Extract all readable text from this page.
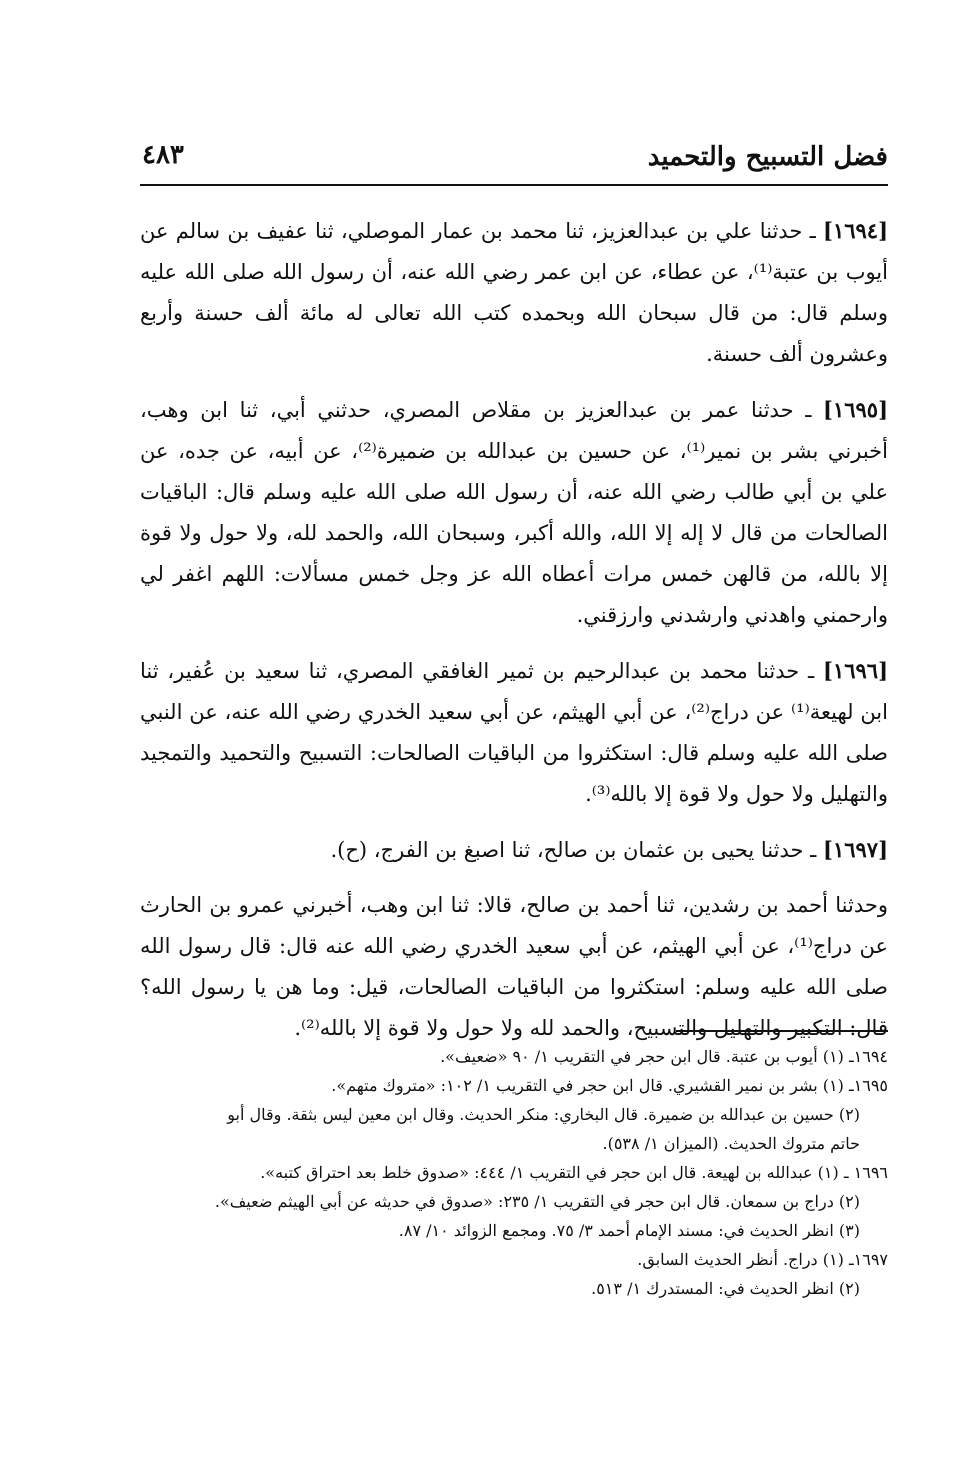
فضل التسبيح والتحميد
٤٨٣

[١٦٩٤] ـ حدثنا علي بن عبدالعزيز، ثنا محمد بن عمار الموصلي، ثنا عفيف بن سالم عن أيوب بن عتبة⁽¹⁾، عن عطاء، عن ابن عمر رضي الله عنه، أن رسول الله صلى الله عليه وسلم قال: من قال سبحان الله وبحمده كتب الله تعالى له مائة ألف حسنة وأربع وعشرون ألف حسنة.

[١٦٩٥] ـ حدثنا عمر بن عبدالعزيز بن مقلاص المصري، حدثني أبي، ثنا ابن وهب، أخبرني بشر بن نمير⁽¹⁾، عن حسين بن عبدالله بن ضميرة⁽²⁾، عن أبيه، عن جده، عن علي بن أبي طالب رضي الله عنه، أن رسول الله صلى الله عليه وسلم قال: الباقيات الصالحات من قال لا إله إلا الله، والله أكبر، وسبحان الله، والحمد لله، ولا حول ولا قوة إلا بالله، من قالهن خمس مرات أعطاه الله عز وجل خمس مسألات: اللهم اغفر لي وارحمني واهدني وارشدني وارزقني.

[١٦٩٦] ـ حدثنا محمد بن عبدالرحيم بن ثمير الغافقي المصري، ثنا سعيد بن عُفير، ثنا ابن لهيعة⁽¹⁾ عن دراج⁽²⁾، عن أبي الهيثم، عن أبي سعيد الخدري رضي الله عنه، عن النبي صلى الله عليه وسلم قال: استكثروا من الباقيات الصالحات: التسبيح والتحميد والتمجيد والتهليل ولا حول ولا قوة إلا بالله⁽³⁾.

[١٦٩٧] ـ حدثنا يحيى بن عثمان بن صالح، ثنا اصبغ بن الفرج، (ح).

وحدثنا أحمد بن رشدين، ثنا أحمد بن صالح، قالا: ثنا ابن وهب، أخبرني عمرو بن الحارث عن دراج⁽¹⁾، عن أبي الهيثم، عن أبي سعيد الخدري رضي الله عنه قال: قال رسول الله صلى الله عليه وسلم: استكثروا من الباقيات الصالحات، قيل: وما هن يا رسول الله؟ قال: التكبير والتهليل والتسبيح، والحمد لله ولا حول ولا قوة إلا بالله⁽²⁾.

١٦٩٤ـ (١) أيوب بن عتبة. قال ابن حجر في التقريب ١/ ٩٠ «ضعيف».

١٦٩٥ـ (١) بشر بن نمير القشيري. قال ابن حجر في التقريب ١/ ١٠٢: «متروك متهم».

(٢) حسين بن عبدالله بن ضميرة. قال البخاري: منكر الحديث. وقال ابن معين ليس بثقة. وقال أبو

حاتم متروك الحديث. (الميزان ١/ ٥٣٨).

١٦٩٦ ـ (١) عبدالله بن لهيعة. قال ابن حجر في التقريب ١/ ٤٤٤: «صدوق خلط بعد احتراق كتبه».

(٢) دراج بن سمعان. قال ابن حجر في التقريب ١/ ٢٣٥: «صدوق في حديثه عن أبي الهيثم ضعيف».

(٣) انظر الحديث في: مسند الإمام أحمد ٣/ ٧٥. ومجمع الزوائد ١٠/ ٨٧.

١٦٩٧ـ (١) دراج. أنظر الحديث السابق.

(٢) انظر الحديث في: المستدرك ١/ ٥١٣.
